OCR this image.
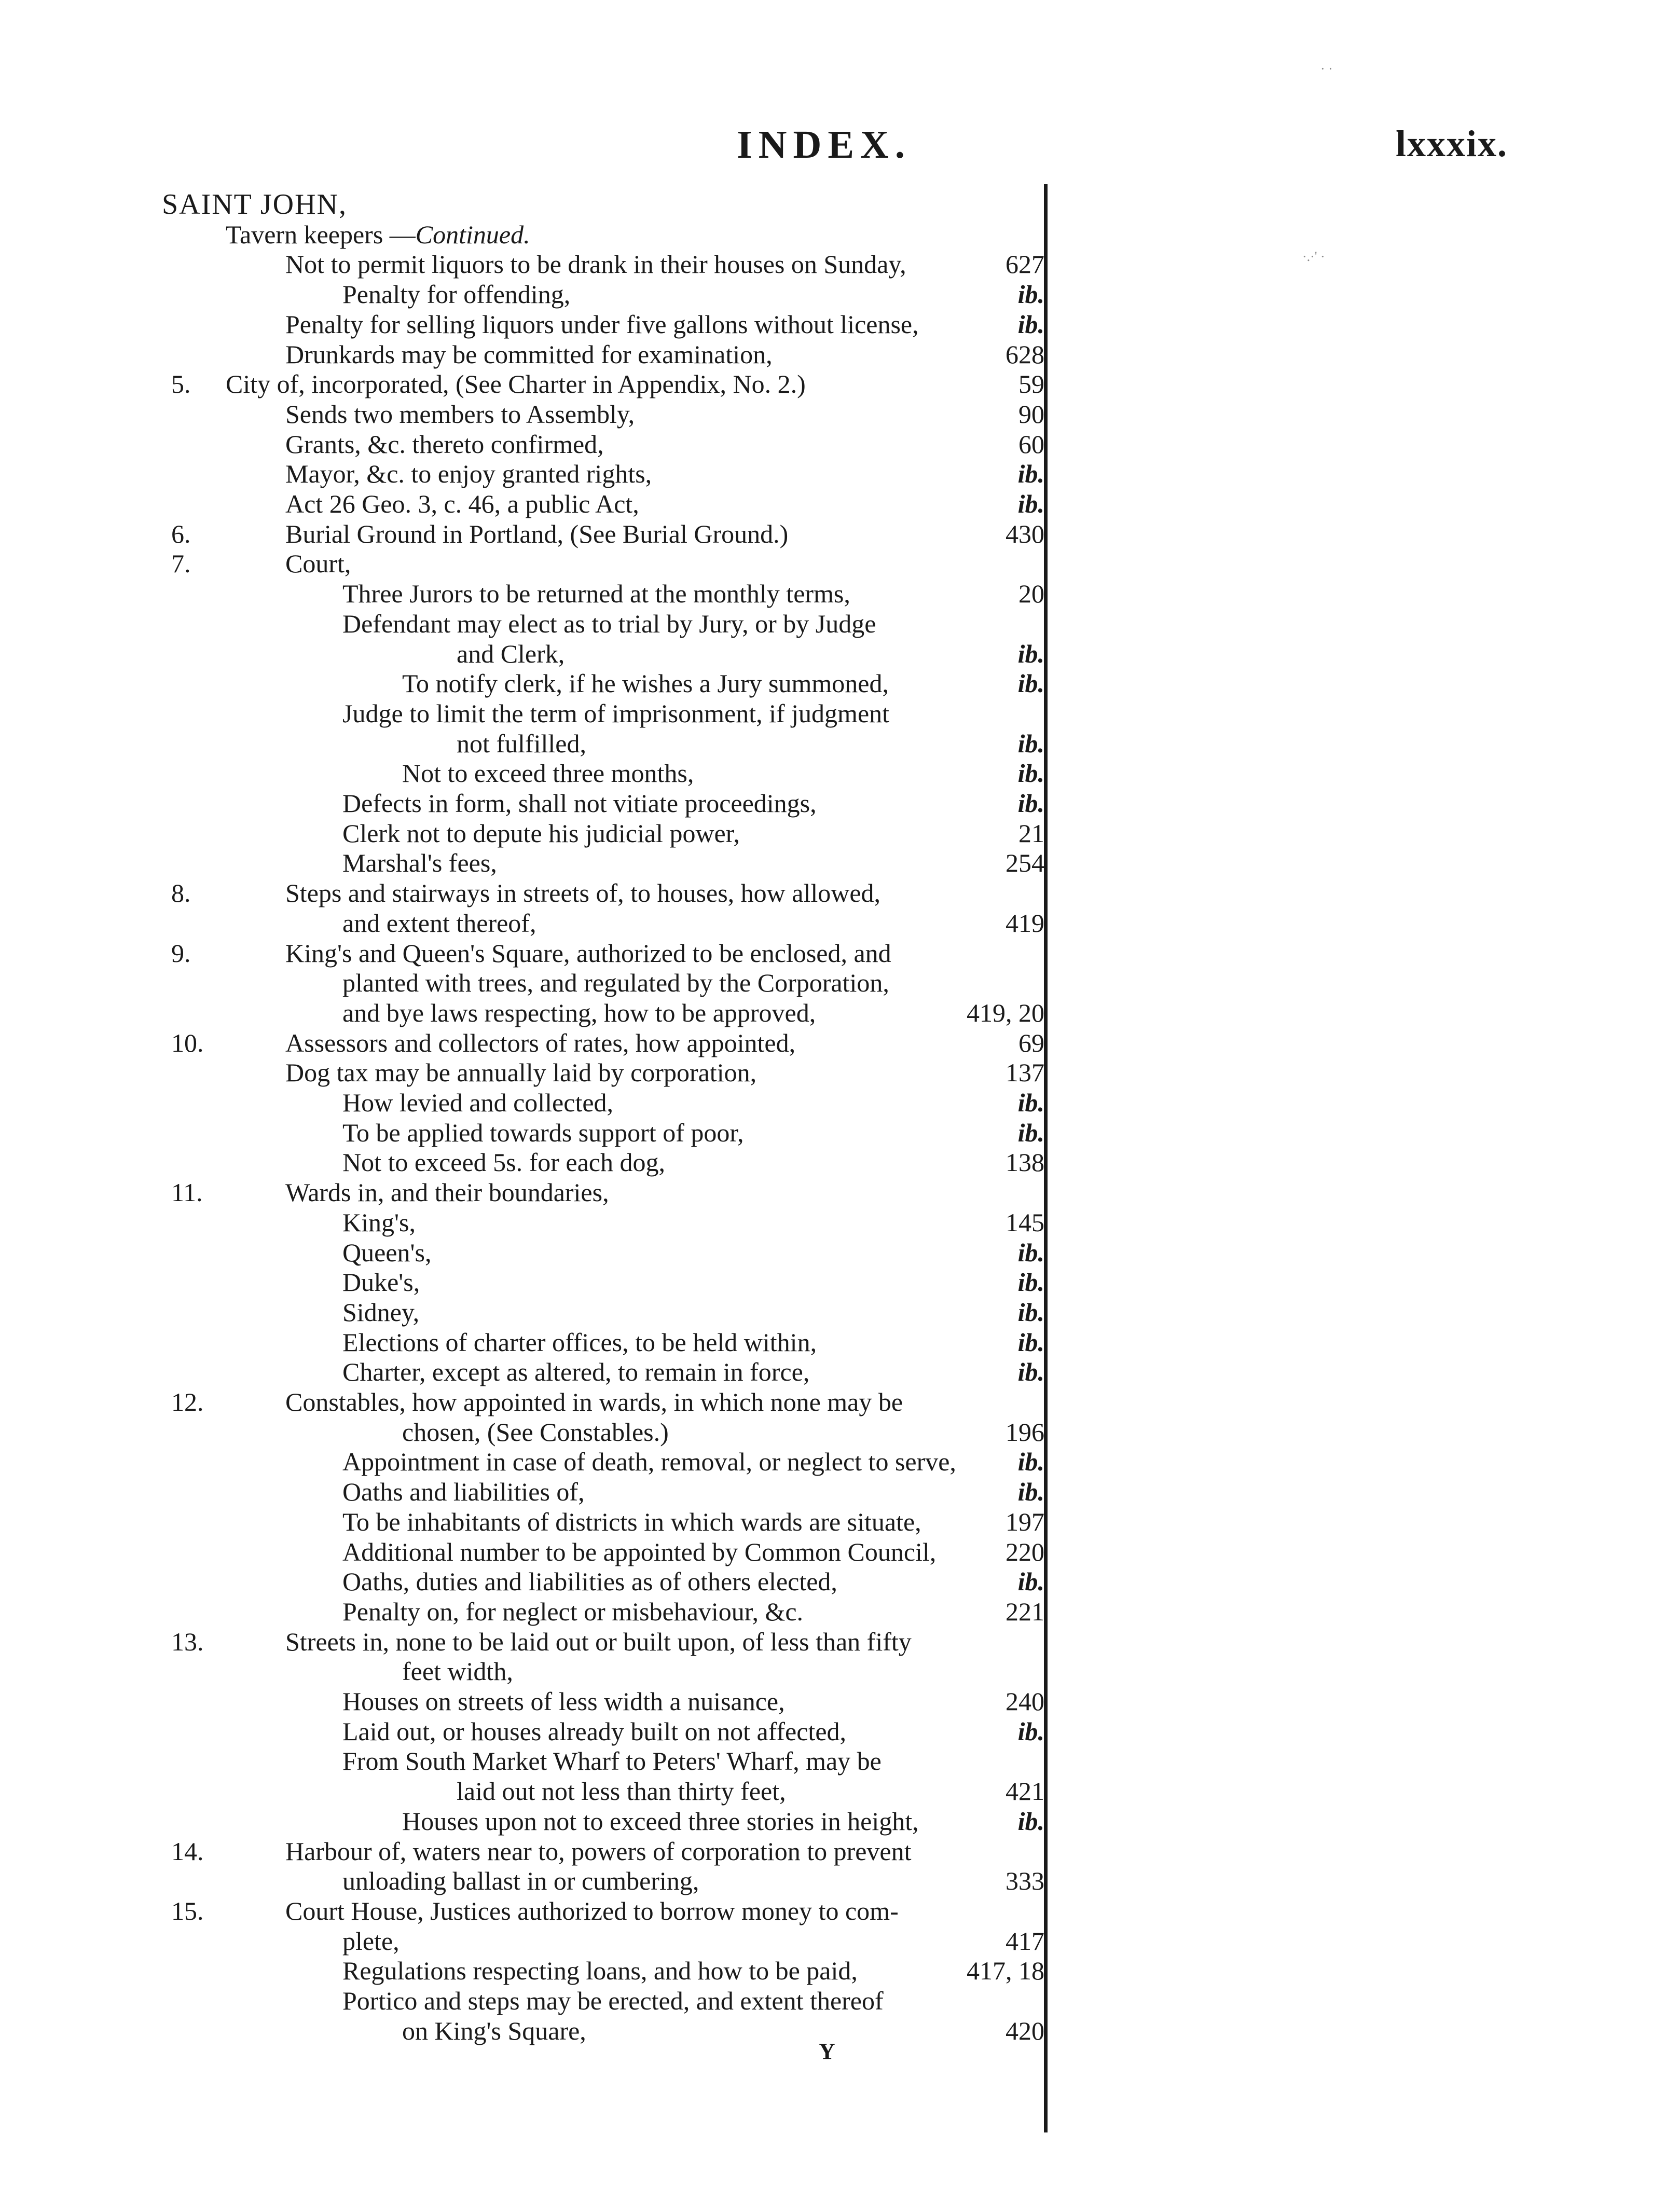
INDEX.	lxxxix.
SAINT JOHN,
Tavern keepers —Continued.
Not to permit liquors to be drank in their houses on Sunday,	627
Penalty for offending,	ib.
Penalty for selling liquors under five gallons without license,	ib.
Drunkards may be committed for examination,	628
5.	City of, incorporated, (See Charter in Appendix, No. 2.)	59
Sends two members to Assembly,	90
Grants, &c. thereto confirmed,	60
Mayor, &c. to enjoy granted rights,	ib.
Act 26 Geo. 3, c. 46, a public Act,	ib.
6.	Burial Ground in Portland, (See Burial Ground.)	430
7.	Court,
Three Jurors to be returned at the monthly terms,	20
Defendant may elect as to trial by Jury, or by Judge
and Clerk,	ib.
To notify clerk, if he wishes a Jury summoned,	ib.
Judge to limit the term of imprisonment, if judgment
not fulfilled,	ib.
Not to exceed three months,	ib.
Defects in form, shall not vitiate proceedings,	ib.
Clerk not to depute his judicial power,	21
Marshal's fees,	254
8.	Steps and stairways in streets of, to houses, how allowed,
and extent thereof,	419
9.	King's and Queen's Square, authorized to be enclosed, and
planted with trees, and regulated by the Corporation,
and bye laws respecting, how to be approved,	419, 20
10.	Assessors and collectors of rates, how appointed,	69
Dog tax may be annually laid by corporation,	137
How levied and collected,	ib.
To be applied towards support of poor,	ib.
Not to exceed 5s. for each dog,	138
11.	Wards in, and their boundaries,
King's,	145
Queen's,	ib.
Duke's,	ib.
Sidney,	ib.
Elections of charter offices, to be held within,	ib.
Charter, except as altered, to remain in force,	ib.
12.	Constables, how appointed in wards, in which none may be
chosen, (See Constables.)	196
Appointment in case of death, removal, or neglect to serve, ib.
Oaths and liabilities of,	ib.
To be inhabitants of districts in which wards are situate,	197
Additional number to be appointed by Common Council,	220
Oaths, duties and liabilities as of others elected,	ib.
Penalty on, for neglect or misbehaviour, &c.	221
13.	Streets in, none to be laid out or built upon, of less than fifty
feet width,
Houses on streets of less width a nuisance,	240
Laid out, or houses already built on not affected,	ib.
From South Market Wharf to Peters' Wharf, may be
laid out not less than thirty feet,	421
Houses upon not to exceed three stories in height,	ib.
14.	Harbour of, waters near to, powers of corporation to prevent
unloading ballast in or cumbering,	333
15.	Court House, Justices authorized to borrow money to com-
plete,	417
Regulations respecting loans, and how to be paid,	417, 18
Portico and steps may be erected, and extent thereof
on King's Square,	420
Y
· ·
·.·' ·
